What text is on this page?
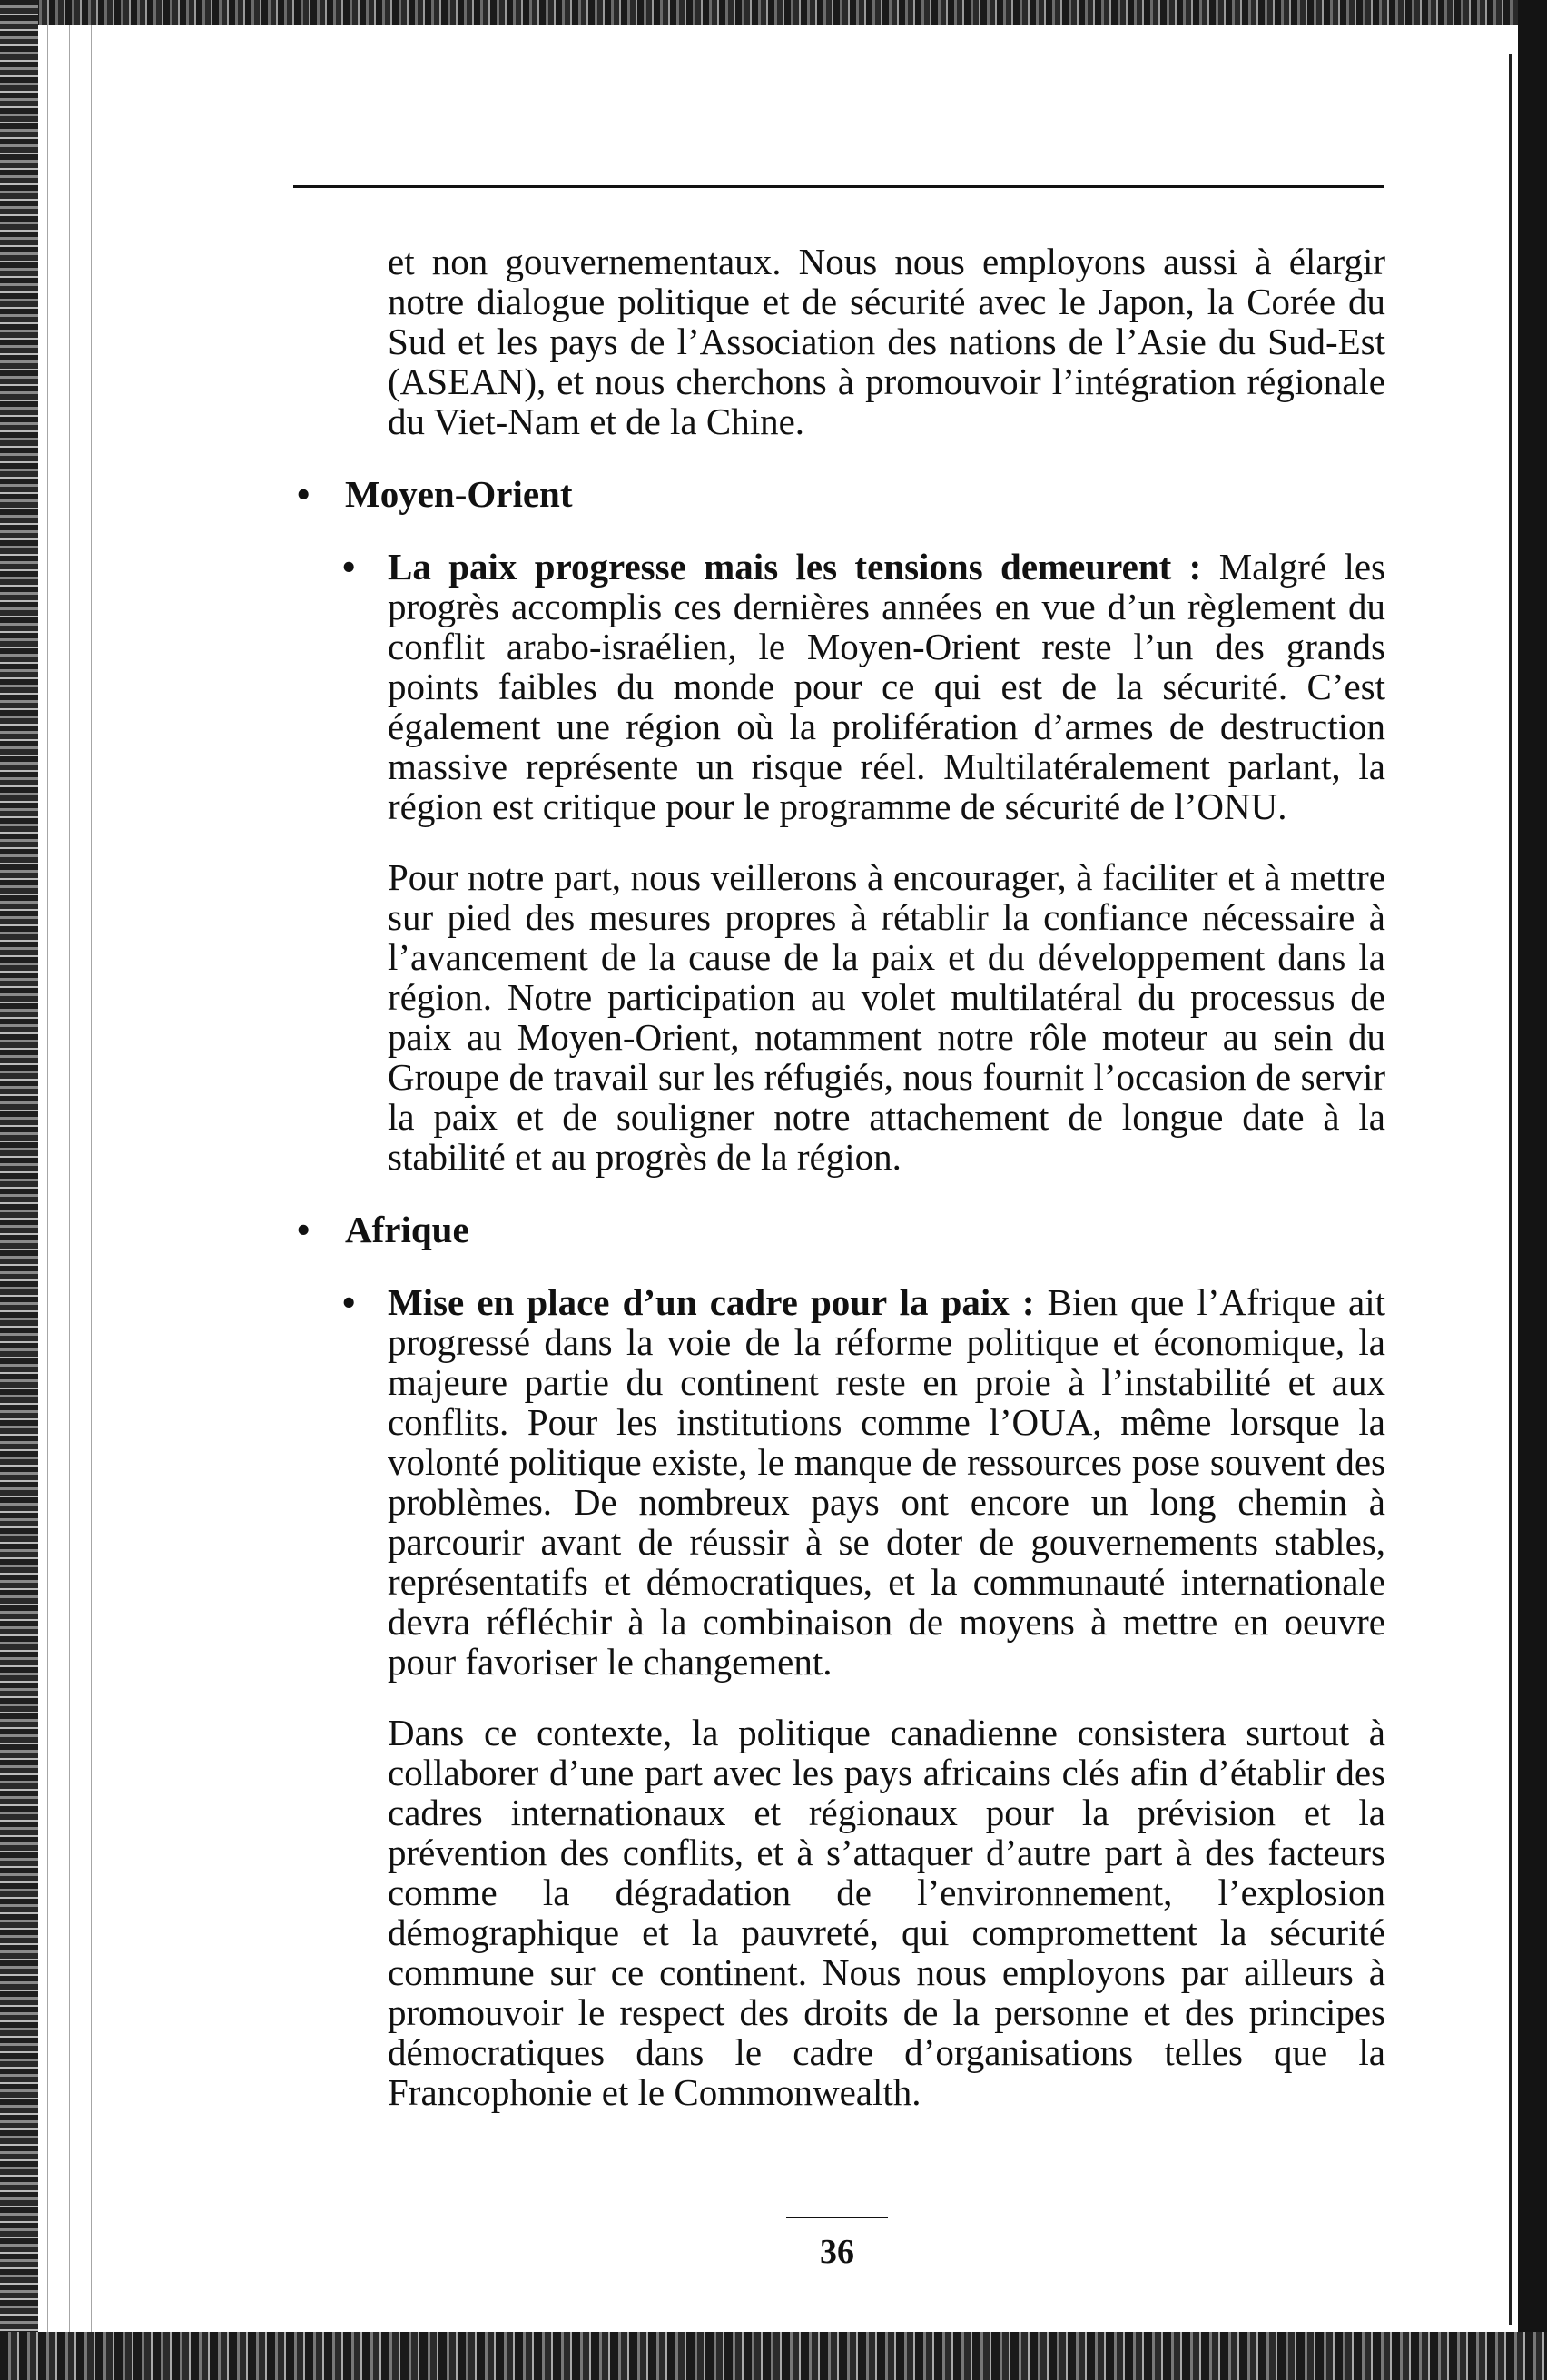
et non gouvernementaux. Nous nous employons aussi à élargir notre dialogue politique et de sécurité avec le Japon, la Corée du Sud et les pays de l’Association des nations de l’Asie du Sud-Est (ASEAN), et nous cherchons à promouvoir l’intégration régionale du Viet-Nam et de la Chine.

• Moyen-Orient

• La paix progresse mais les tensions demeurent : Malgré les progrès accomplis ces dernières années en vue d’un règlement du conflit arabo-israélien, le Moyen-Orient reste l’un des grands points faibles du monde pour ce qui est de la sécurité. C’est également une région où la prolifération d’armes de destruction massive représente un risque réel. Multilatéralement parlant, la région est critique pour le programme de sécurité de l’ONU.

Pour notre part, nous veillerons à encourager, à faciliter et à mettre sur pied des mesures propres à rétablir la confiance nécessaire à l’avancement de la cause de la paix et du développement dans la région. Notre participation au volet multilatéral du processus de paix au Moyen-Orient, notamment notre rôle moteur au sein du Groupe de travail sur les réfugiés, nous fournit l’occasion de servir la paix et de souligner notre attachement de longue date à la stabilité et au progrès de la région.

• Afrique

• Mise en place d’un cadre pour la paix : Bien que l’Afrique ait progressé dans la voie de la réforme politique et économique, la majeure partie du continent reste en proie à l’instabilité et aux conflits. Pour les institutions comme l’OUA, même lorsque la volonté politique existe, le manque de ressources pose souvent des problèmes. De nombreux pays ont encore un long chemin à parcourir avant de réussir à se doter de gouvernements stables, représentatifs et démocratiques, et la communauté internationale devra réfléchir à la combinaison de moyens à mettre en oeuvre pour favoriser le changement.

Dans ce contexte, la politique canadienne consistera surtout à collaborer d’une part avec les pays africains clés afin d’établir des cadres internationaux et régionaux pour la prévision et la prévention des conflits, et à s’attaquer d’autre part à des facteurs comme la dégradation de l’environnement, l’explosion démographique et la pauvreté, qui compromettent la sécurité commune sur ce continent. Nous nous employons par ailleurs à promouvoir le respect des droits de la personne et des principes démocratiques dans le cadre d’organisations telles que la Francophonie et le Commonwealth.

36
